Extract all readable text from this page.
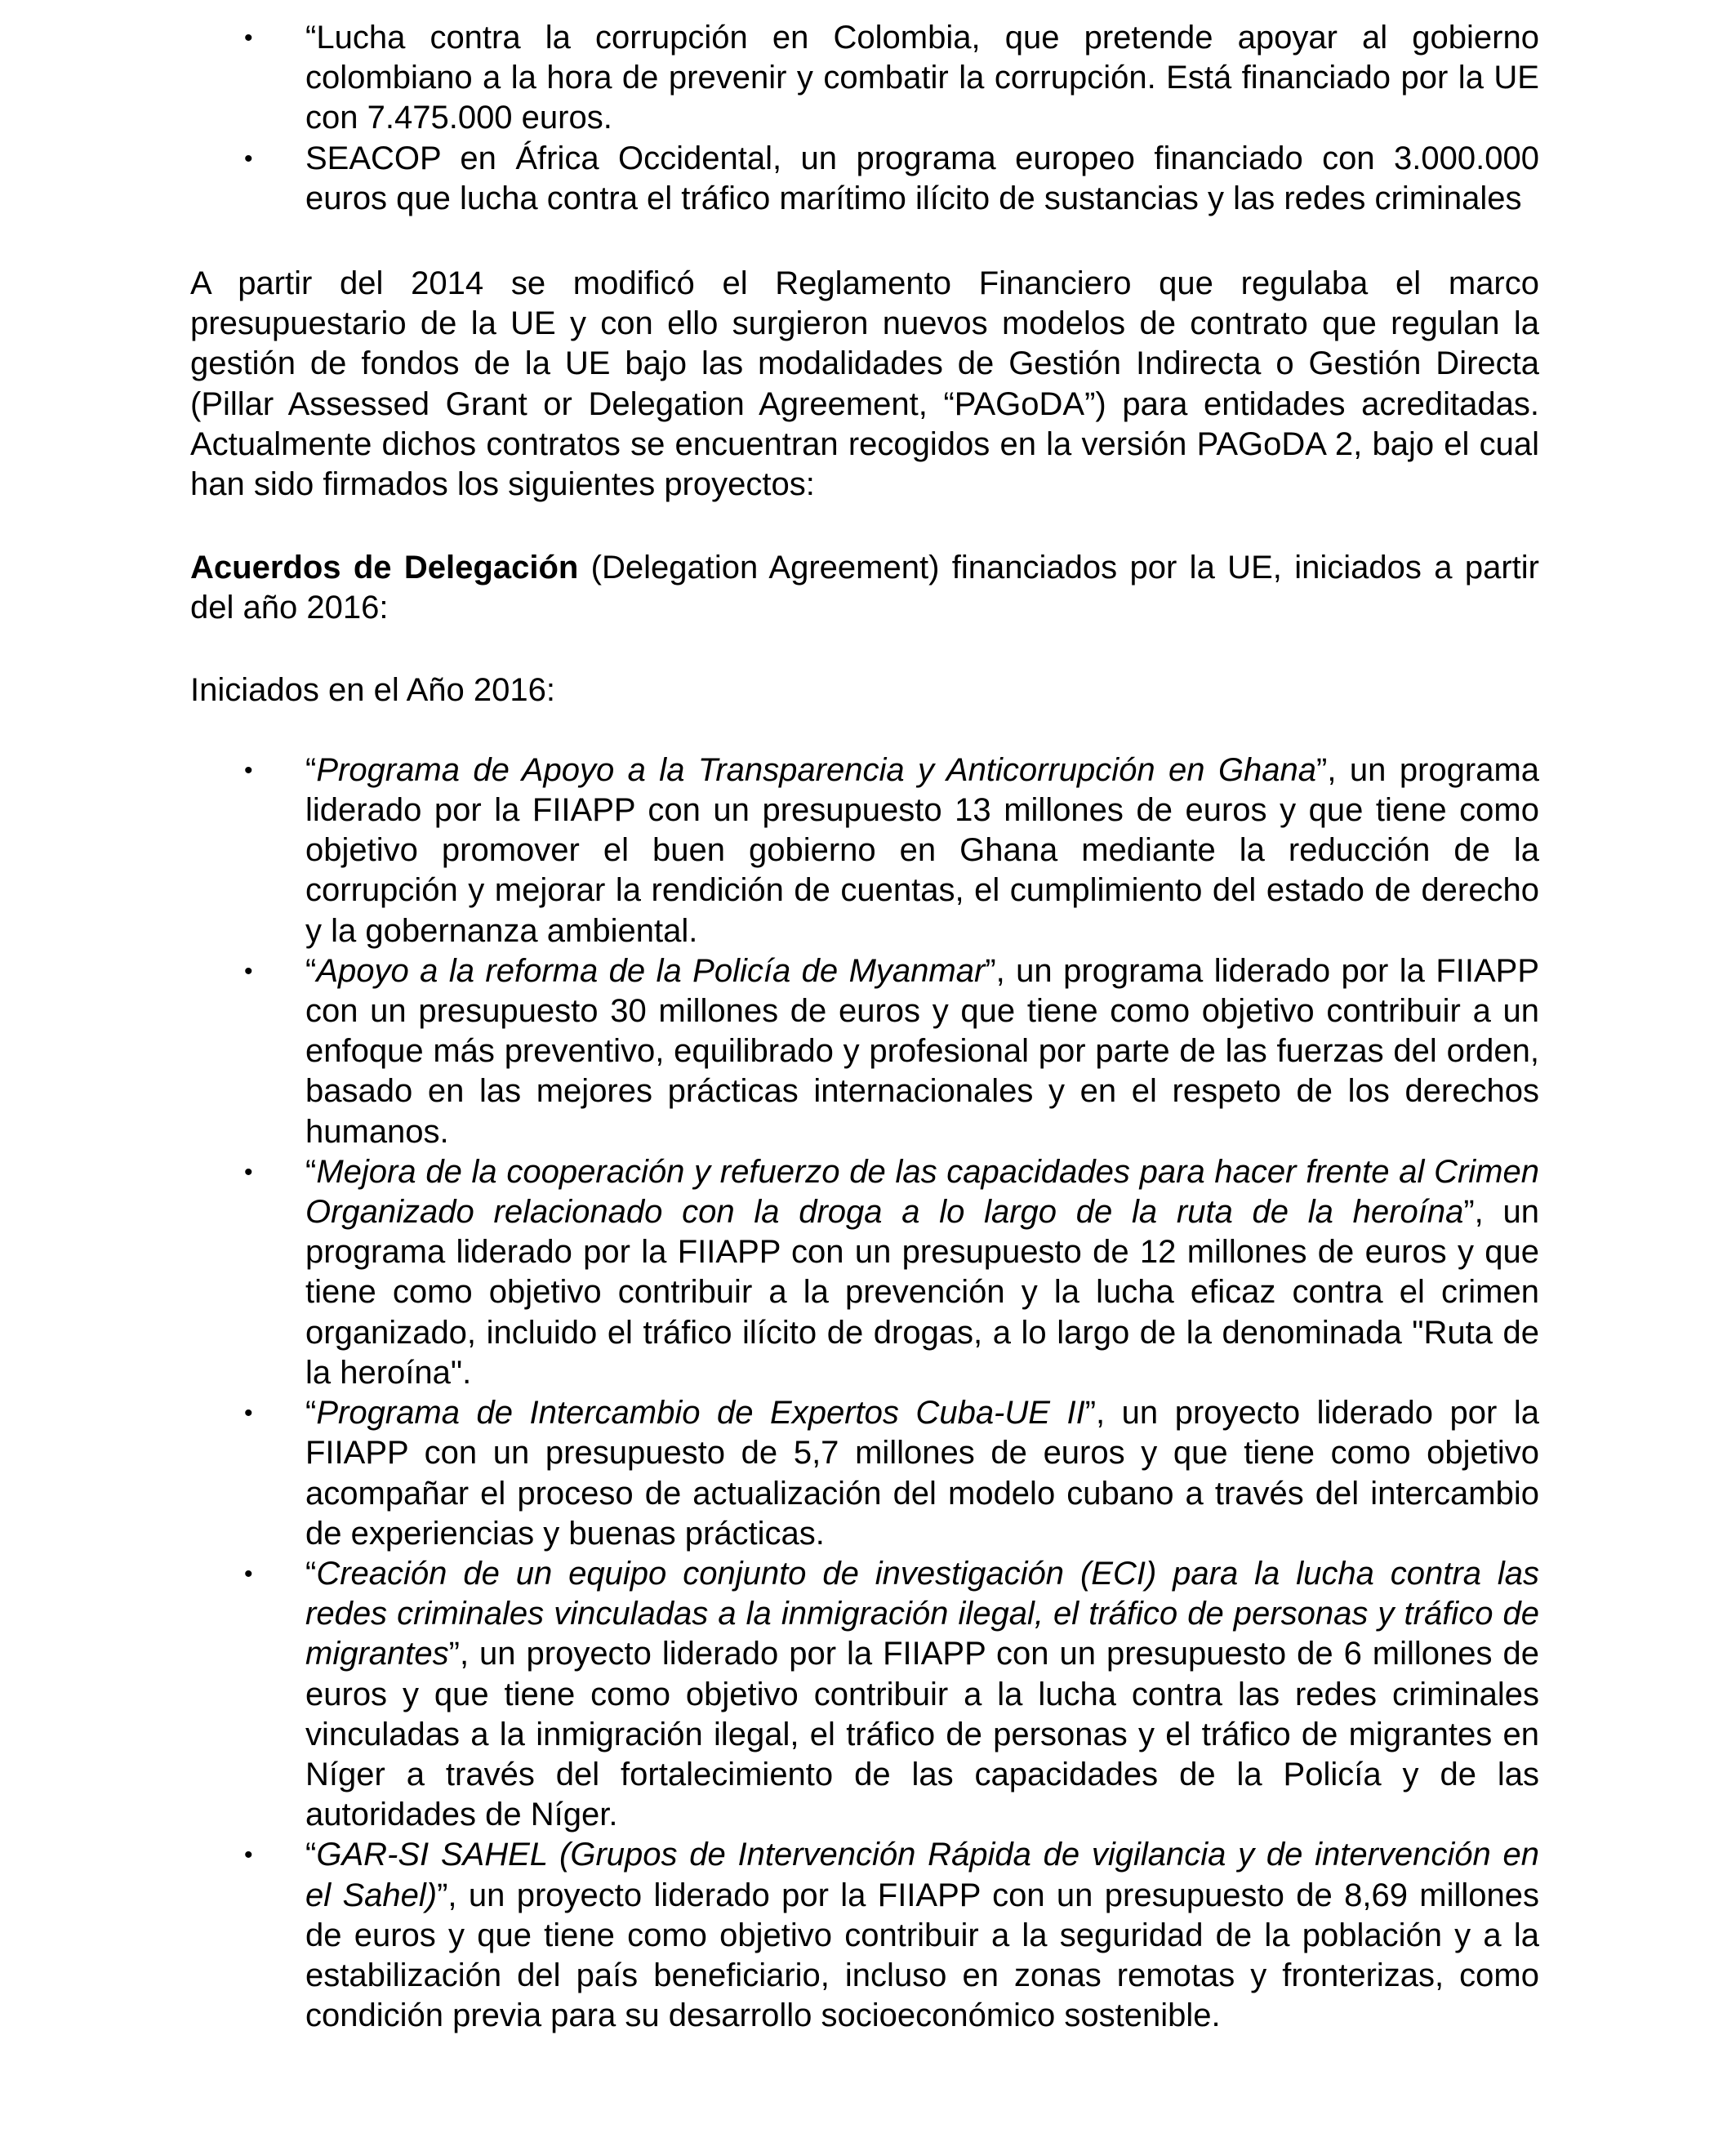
• “Lucha contra la corrupción en Colombia, que pretende apoyar al gobierno colombiano a la hora de prevenir y combatir la corrupción. Está financiado por la UE con 7.475.000 euros.
• SEACOP en África Occidental, un programa europeo financiado con 3.000.000 euros que lucha contra el tráfico marítimo ilícito de sustancias y las redes criminales

A partir del 2014 se modificó el Reglamento Financiero que regulaba el marco presupuestario de la UE y con ello surgieron nuevos modelos de contrato que regulan la gestión de fondos de la UE bajo las modalidades de Gestión Indirecta o Gestión Directa (Pillar Assessed Grant or Delegation Agreement, “PAGoDA”) para entidades acreditadas. Actualmente dichos contratos se encuentran recogidos en la versión PAGoDA 2, bajo el cual han sido firmados los siguientes proyectos:

Acuerdos de Delegación (Delegation Agreement) financiados por la UE, iniciados a partir del año 2016:

Iniciados en el Año 2016:

• “Programa de Apoyo a la Transparencia y Anticorrupción en Ghana”, un programa liderado por la FIIAPP con un presupuesto 13 millones de euros y que tiene como objetivo promover el buen gobierno en Ghana mediante la reducción de la corrupción y mejorar la rendición de cuentas, el cumplimiento del estado de derecho y la gobernanza ambiental.
• “Apoyo a la reforma de la Policía de Myanmar”, un programa liderado por la FIIAPP con un presupuesto 30 millones de euros y que tiene como objetivo contribuir a un enfoque más preventivo, equilibrado y profesional por parte de las fuerzas del orden, basado en las mejores prácticas internacionales y en el respeto de los derechos humanos.
• “Mejora de la cooperación y refuerzo de las capacidades para hacer frente al Crimen Organizado relacionado con la droga a lo largo de la ruta de la heroína”, un programa liderado por la FIIAPP con un presupuesto de 12 millones de euros y que tiene como objetivo contribuir a la prevención y la lucha eficaz contra el crimen organizado, incluido el tráfico ilícito de drogas, a lo largo de la denominada "Ruta de la heroína".
• “Programa de Intercambio de Expertos Cuba-UE II”, un proyecto liderado por la FIIAPP con un presupuesto de 5,7 millones de euros y que tiene como objetivo acompañar el proceso de actualización del modelo cubano a través del intercambio de experiencias y buenas prácticas.
• “Creación de un equipo conjunto de investigación (ECI) para la lucha contra las redes criminales vinculadas a la inmigración ilegal, el tráfico de personas y tráfico de migrantes”, un proyecto liderado por la FIIAPP con un presupuesto de 6 millones de euros y que tiene como objetivo contribuir a la lucha contra las redes criminales vinculadas a la inmigración ilegal, el tráfico de personas y el tráfico de migrantes en Níger a través del fortalecimiento de las capacidades de la Policía y de las autoridades de Níger.
• “GAR-SI SAHEL (Grupos de Intervención Rápida de vigilancia y de intervención en el Sahel)”, un proyecto liderado por la FIIAPP con un presupuesto de 8,69 millones de euros y que tiene como objetivo contribuir a la seguridad de la población y a la estabilización del país beneficiario, incluso en zonas remotas y fronterizas, como condición previa para su desarrollo socioeconómico sostenible.
